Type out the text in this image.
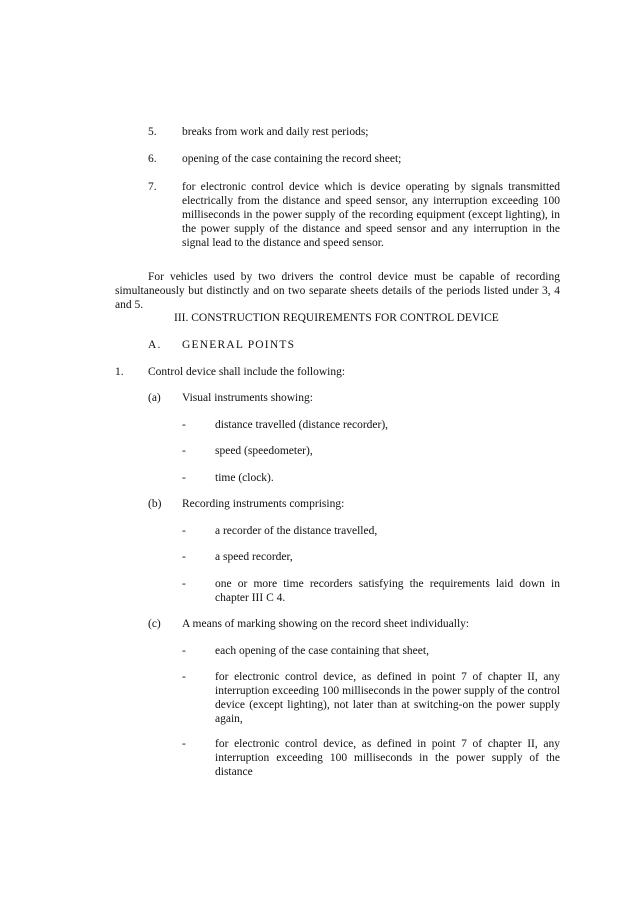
5.	breaks from work and daily rest periods;
6.	opening of the case containing the record sheet;
7.	for electronic control device which is device operating by signals transmitted electrically from the distance and speed sensor, any interruption exceeding 100 milliseconds in the power supply of the recording equipment (except lighting), in the power supply of the distance and speed sensor and any interruption in the signal lead to the distance and speed sensor.
For vehicles used by two drivers the control device must be capable of recording simultaneously but distinctly and on two separate sheets details of the periods listed under 3, 4 and 5.
III. CONSTRUCTION REQUIREMENTS FOR CONTROL DEVICE
A.	GENERAL POINTS
1.	Control device shall include the following:
(a)	Visual instruments showing:
-	distance travelled (distance recorder),
-	speed (speedometer),
-	time (clock).
(b)	Recording instruments comprising:
-	a recorder of the distance travelled,
-	a speed recorder,
-	one or more time recorders satisfying the requirements laid down in chapter III C 4.
(c)	A means of marking showing on the record sheet individually:
-	each opening of the case containing that sheet,
-	for electronic control device, as defined in point 7 of chapter II, any interruption exceeding 100 milliseconds in the power supply of the control device (except lighting), not later than at switching-on the power supply again,
-	for electronic control device, as defined in point 7 of chapter II, any interruption exceeding 100 milliseconds in the power supply of the distance
